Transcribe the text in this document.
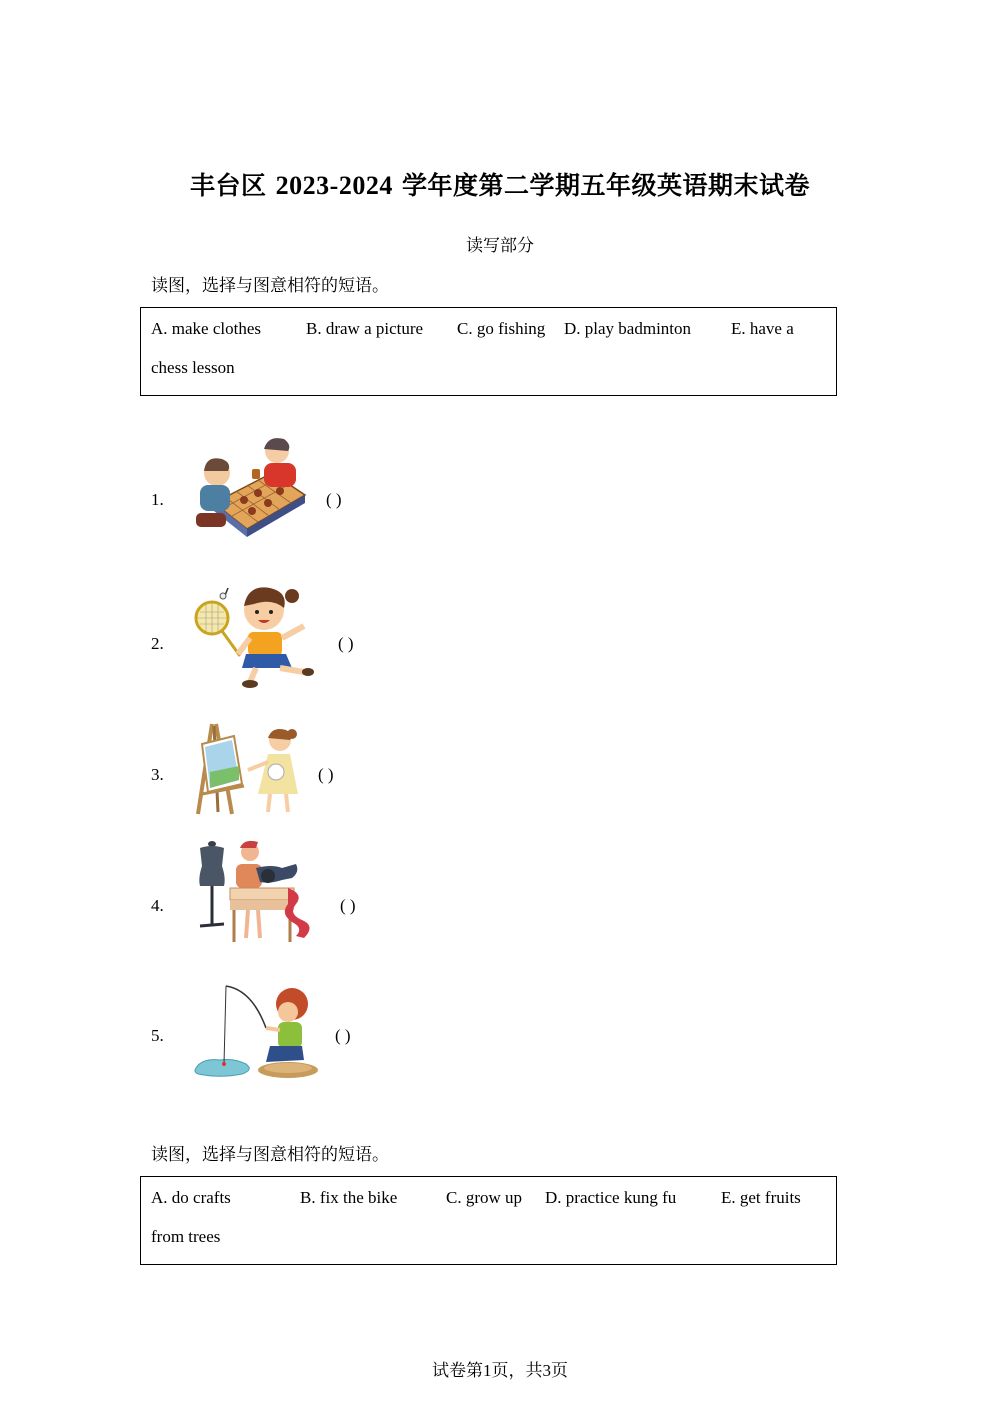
丰台区 2023-2024 学年度第二学期五年级英语期末试卷
读写部分
读图，选择与图意相符的短语。
A. make clothes	B. draw a picture C. go fishing D. play badminton E. have a
chess lesson
1.	( )
2.	( )
3.	( )
4.	( )
5.	( )
读图，选择与图意相符的短语。
A. do crafts	B. fix the bike	C. grow up D. practice kung fu	E. get fruits
from trees
试卷第1页，共3页
